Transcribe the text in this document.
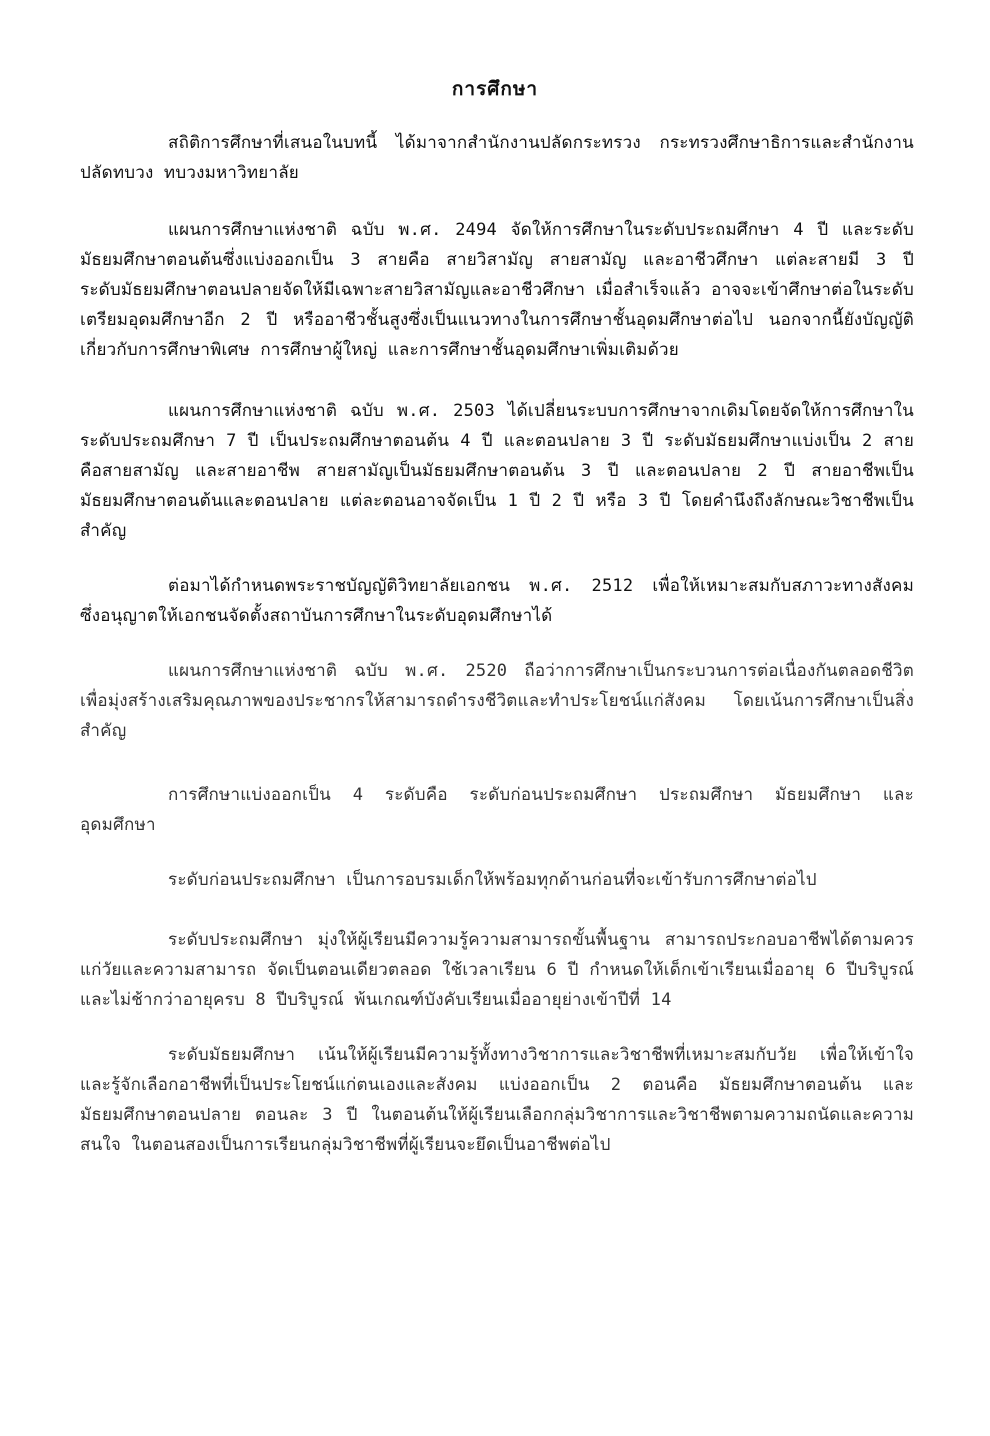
การศึกษา
สถิติการศึกษาที่เสนอในบทนี้ ได้มาจากสำนักงานปลัดกระทรวง กระทรวงศึกษาธิการและสำนักงานปลัดทบวง ทบวงมหาวิทยาลัย
แผนการศึกษาแห่งชาติ ฉบับ พ.ศ. 2494 จัดให้การศึกษาในระดับประถมศึกษา 4 ปี และระดับมัธยมศึกษาตอนต้นซึ่งแบ่งออกเป็น 3 สายคือ สายวิสามัญ สายสามัญ และอาชีวศึกษา แต่ละสายมี 3 ปี ระดับมัธยมศึกษาตอนปลายจัดให้มีเฉพาะสายวิสามัญและอาชีวศึกษา เมื่อสำเร็จแล้ว อาจจะเข้าศึกษาต่อในระดับเตรียมอุดมศึกษาอีก 2 ปี หรืออาชีวชั้นสูงซึ่งเป็นแนวทางในการศึกษาชั้นอุดมศึกษาต่อไป นอกจากนี้ยังบัญญัติเกี่ยวกับการศึกษาพิเศษ การศึกษาผู้ใหญ่ และการศึกษาชั้นอุดมศึกษาเพิ่มเติมด้วย
แผนการศึกษาแห่งชาติ ฉบับ พ.ศ. 2503 ได้เปลี่ยนระบบการศึกษาจากเดิมโดยจัดให้การศึกษาในระดับประถมศึกษา 7 ปี เป็นประถมศึกษาตอนต้น 4 ปี และตอนปลาย 3 ปี ระดับมัธยมศึกษาแบ่งเป็น 2 สาย คือสายสามัญ และสายอาชีพ สายสามัญเป็นมัธยมศึกษาตอนต้น 3 ปี และตอนปลาย 2 ปี สายอาชีพเป็นมัธยมศึกษาตอนต้นและตอนปลาย แต่ละตอนอาจจัดเป็น 1 ปี 2 ปี หรือ 3 ปี โดยคำนึงถึงลักษณะวิชาชีพเป็นสำคัญ
ต่อมาได้กำหนดพระราชบัญญัติวิทยาลัยเอกชน พ.ศ. 2512 เพื่อให้เหมาะสมกับสภาวะทางสังคม ซึ่งอนุญาตให้เอกชนจัดตั้งสถาบันการศึกษาในระดับอุดมศึกษาได้
แผนการศึกษาแห่งชาติ ฉบับ พ.ศ. 2520 ถือว่าการศึกษาเป็นกระบวนการต่อเนื่องกันตลอดชีวิต เพื่อมุ่งสร้างเสริมคุณภาพของประชากรให้สามารถดำรงชีวิตและทำประโยชน์แก่สังคม โดยเน้นการศึกษาเป็นสิ่งสำคัญ
การศึกษาแบ่งออกเป็น 4 ระดับคือ ระดับก่อนประถมศึกษา ประถมศึกษา มัธยมศึกษา และอุดมศึกษา
ระดับก่อนประถมศึกษา เป็นการอบรมเด็กให้พร้อมทุกด้านก่อนที่จะเข้ารับการศึกษาต่อไป
ระดับประถมศึกษา มุ่งให้ผู้เรียนมีความรู้ความสามารถขั้นพื้นฐาน สามารถประกอบอาชีพได้ตามควรแก่วัยและความสามารถ จัดเป็นตอนเดียวตลอด ใช้เวลาเรียน 6 ปี กำหนดให้เด็กเข้าเรียนเมื่ออายุ 6 ปีบริบูรณ์ และไม่ช้ากว่าอายุครบ 8 ปีบริบูรณ์ พ้นเกณฑ์บังคับเรียนเมื่ออายุย่างเข้าปีที่ 14
ระดับมัธยมศึกษา เน้นให้ผู้เรียนมีความรู้ทั้งทางวิชาการและวิชาชีพที่เหมาะสมกับวัย เพื่อให้เข้าใจและรู้จักเลือกอาชีพที่เป็นประโยชน์แก่ตนเองและสังคม แบ่งออกเป็น 2 ตอนคือ มัธยมศึกษาตอนต้น และมัธยมศึกษาตอนปลาย ตอนละ 3 ปี ในตอนต้นให้ผู้เรียนเลือกกลุ่มวิชาการและวิชาชีพตามความถนัดและความสนใจ ในตอนสองเป็นการเรียนกลุ่มวิชาชีพที่ผู้เรียนจะยึดเป็นอาชีพต่อไป
